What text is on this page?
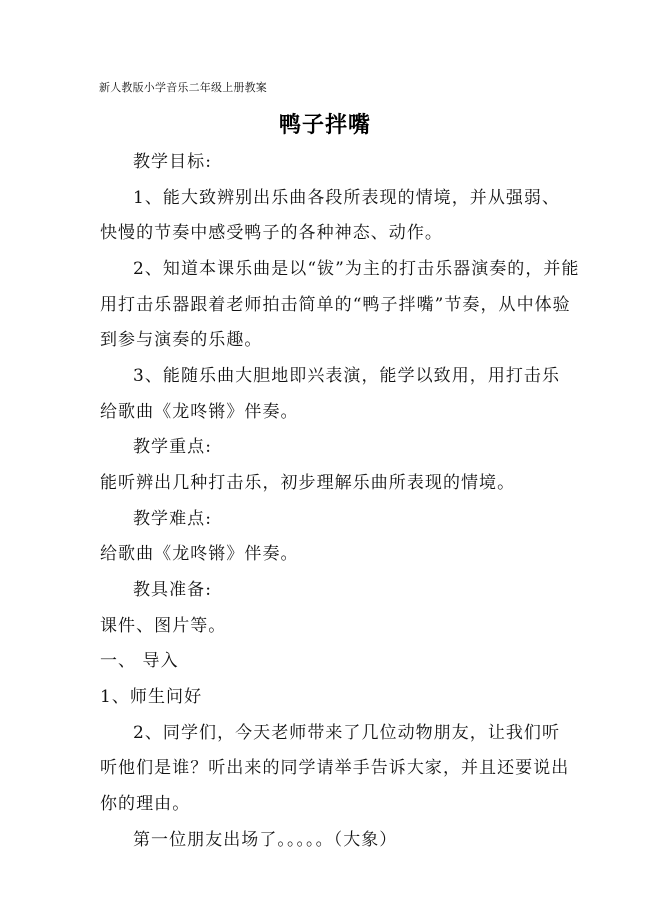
新人教版小学音乐二年级上册教案
鸭子拌嘴
教学目标:
1、能大致辨别出乐曲各段所表现的情境，并从强弱、
快慢的节奏中感受鸭子的各种神态、动作。
2、知道本课乐曲是以“钹”为主的打击乐器演奏的，并能
用打击乐器跟着老师拍击简单的“鸭子拌嘴”节奏，从中体验
到参与演奏的乐趣。
3、能随乐曲大胆地即兴表演，能学以致用，用打击乐
给歌曲《龙咚锵》伴奏。
教学重点:
能听辨出几种打击乐，初步理解乐曲所表现的情境。
教学难点:
给歌曲《龙咚锵》伴奏。
教具准备:
课件、图片等。
一、 导入
1、师生问好
2、同学们，今天老师带来了几位动物朋友，让我们听
听他们是谁？听出来的同学请举手告诉大家，并且还要说出
你的理由。
第一位朋友出场了。。。。。（大象）
